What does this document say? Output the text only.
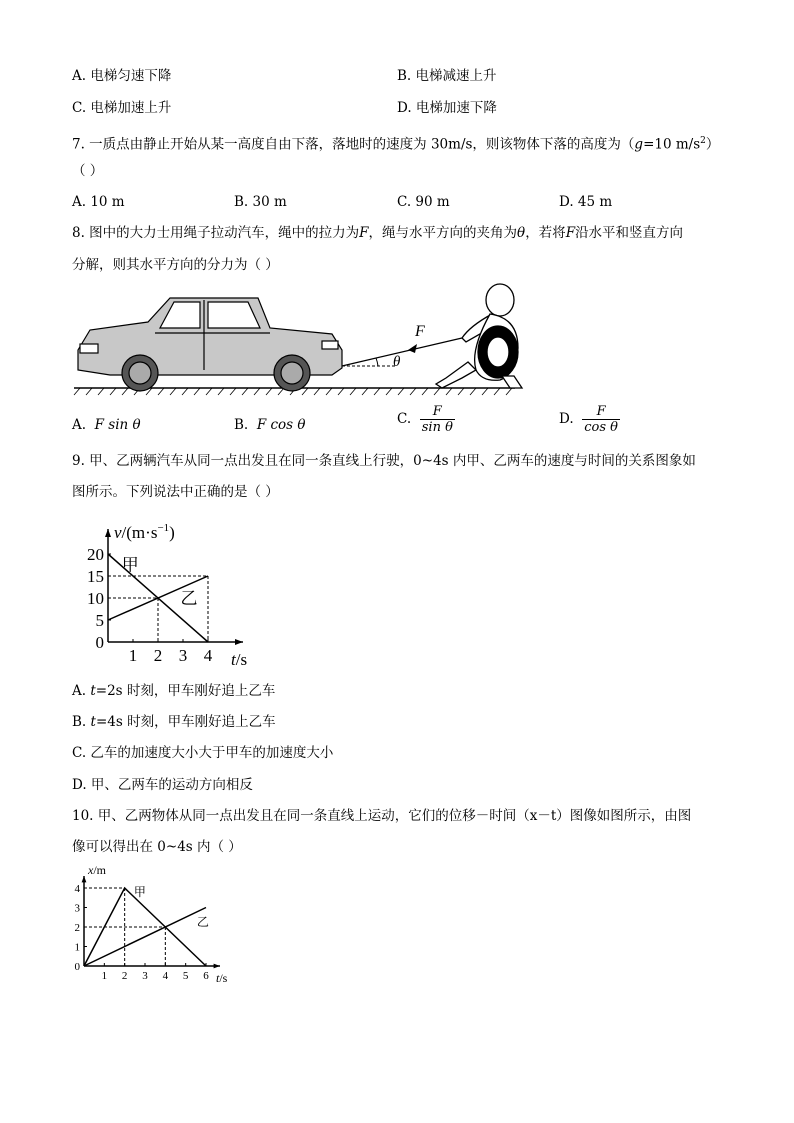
A. 电梯匀速下降	B. 电梯减速上升
C. 电梯加速上升	D. 电梯加速下降
7. 一质点由静止开始从某一高度自由下落，落地时的速度为 30m/s，则该物体下落的高度为（g=10 $m/s^2$）
（ ）
A. 10 m	B. 30 m	C. 90 m	D. 45 m
8. 图中的大力士用绳子拉动汽车，绳中的拉力为F，绳与水平方向的夹角为θ，若将F沿水平和竖直方向
分解，则其水平方向的分力为（ ）
F
θ
A. F sin θ	B. F cos θ	C. $\frac{F}{\text{sin θ}}$	D. $\frac{F}{\text{cos θ}}$
9. 甲、乙两辆汽车从同一点出发且在同一条直线上行驶，0~4s 内甲、乙两车的速度与时间的关系图象如
图所示。下列说法中正确的是（ ）
1 2 3 4
0
5
10
15
20
$v/(m\cdot s^{-1})$
t/s
甲
乙
A. t=2s 时刻，甲车刚好追上乙车
B. t=4s 时刻，甲车刚好追上乙车
C. 乙车的加速度大小大于甲车的加速度大小
D. 甲、乙两车的运动方向相反
10. 甲、乙两物体从同一点出发且在同一条直线上运动，它们的位移－时间（x－t）图像如图所示，由图
像可以得出在 0~4s 内（ ）
1 2 3 4 5 6
0
1
2
3
4
x/m
t/s
甲
乙
